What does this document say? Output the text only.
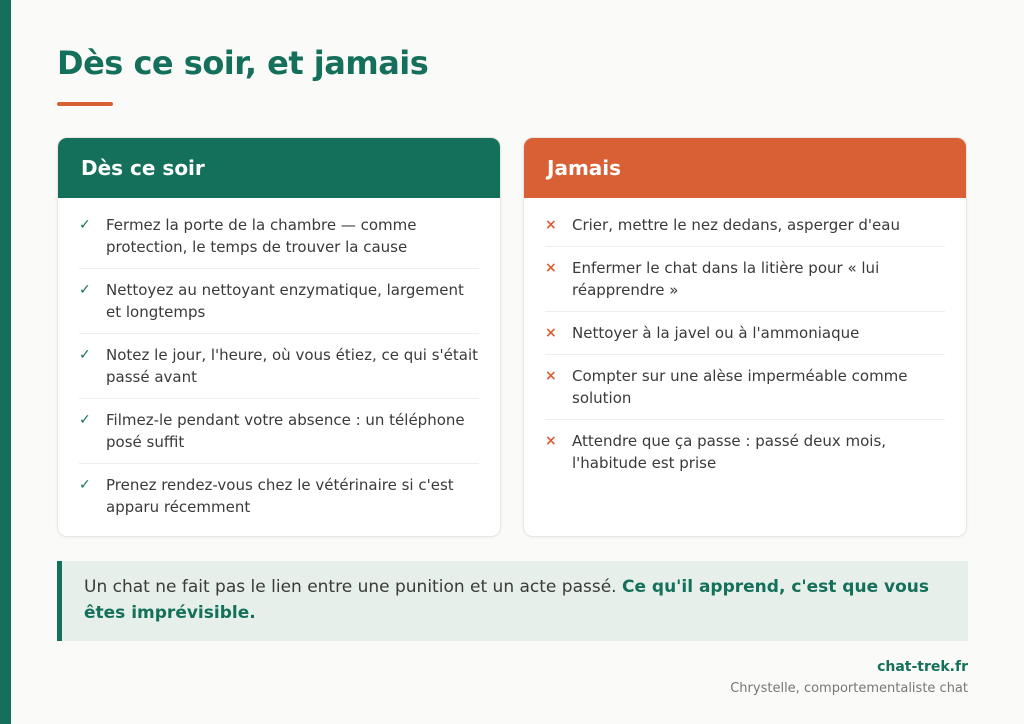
Dès ce soir, et jamais
Dès ce soir
✓	Fermez la porte de la chambre — comme protection, le temps de trouver la cause
✓	Nettoyez au nettoyant enzymatique, largement et longtemps
✓	Notez le jour, l'heure, où vous étiez, ce qui s'était passé avant
✓	Filmez-le pendant votre absence : un téléphone posé suffit
✓	Prenez rendez-vous chez le vétérinaire si c'est apparu récemment
Jamais
×	Crier, mettre le nez dedans, asperger d'eau
×	Enfermer le chat dans la litière pour « lui réapprendre »
×	Nettoyer à la javel ou à l'ammoniaque
×	Compter sur une alèse imperméable comme solution
×	Attendre que ça passe : passé deux mois, l'habitude est prise
Un chat ne fait pas le lien entre une punition et un acte passé. Ce qu'il apprend, c'est que vous êtes imprévisible.
chat-trek.fr
Chrystelle, comportementaliste chat
